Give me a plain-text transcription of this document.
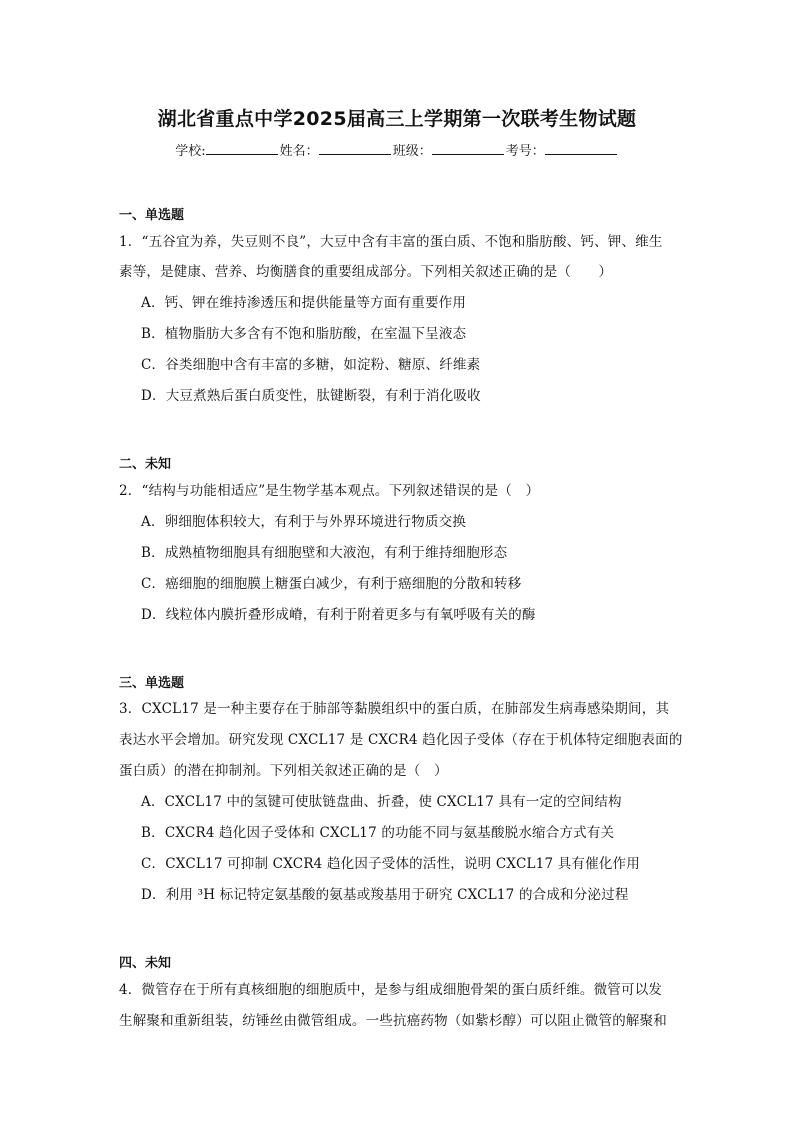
湖北省重点中学2025届高三上学期第一次联考生物试题
学校:	姓名：	班级：	考号：
一、单选题
1．“五谷宜为养，失豆则不良”，大豆中含有丰富的蛋白质、不饱和脂肪酸、钙、钾、维生
素等，是健康、营养、均衡膳食的重要组成部分。下列相关叙述正确的是（　　）
A．钙、钾在维持渗透压和提供能量等方面有重要作用
B．植物脂肪大多含有不饱和脂肪酸，在室温下呈液态
C．谷类细胞中含有丰富的多糖，如淀粉、糖原、纤维素
D．大豆煮熟后蛋白质变性，肽键断裂，有利于消化吸收
二、未知
2．“结构与功能相适应”是生物学基本观点。下列叙述错误的是（　）
A．卵细胞体积较大，有利于与外界环境进行物质交换
B．成熟植物细胞具有细胞壁和大液泡，有利于维持细胞形态
C．癌细胞的细胞膜上糖蛋白减少，有利于癌细胞的分散和转移
D．线粒体内膜折叠形成嵴，有利于附着更多与有氧呼吸有关的酶
三、单选题
3．CXCL17 是一种主要存在于肺部等黏膜组织中的蛋白质，在肺部发生病毒感染期间，其
表达水平会增加。研究发现 CXCL17 是 CXCR4 趋化因子受体（存在于机体特定细胞表面的
蛋白质）的潜在抑制剂。下列相关叙述正确的是（　）
A．CXCL17 中的氢键可使肽链盘曲、折叠，使 CXCL17 具有一定的空间结构
B．CXCR4 趋化因子受体和 CXCL17 的功能不同与氨基酸脱水缩合方式有关
C．CXCL17 可抑制 CXCR4 趋化因子受体的活性，说明 CXCL17 具有催化作用
D．利用 ³H 标记特定氨基酸的氨基或羧基用于研究 CXCL17 的合成和分泌过程
四、未知
4．微管存在于所有真核细胞的细胞质中，是参与组成细胞骨架的蛋白质纤维。微管可以发
生解聚和重新组装，纺锤丝由微管组成。一些抗癌药物（如紫杉醇）可以阻止微管的解聚和
